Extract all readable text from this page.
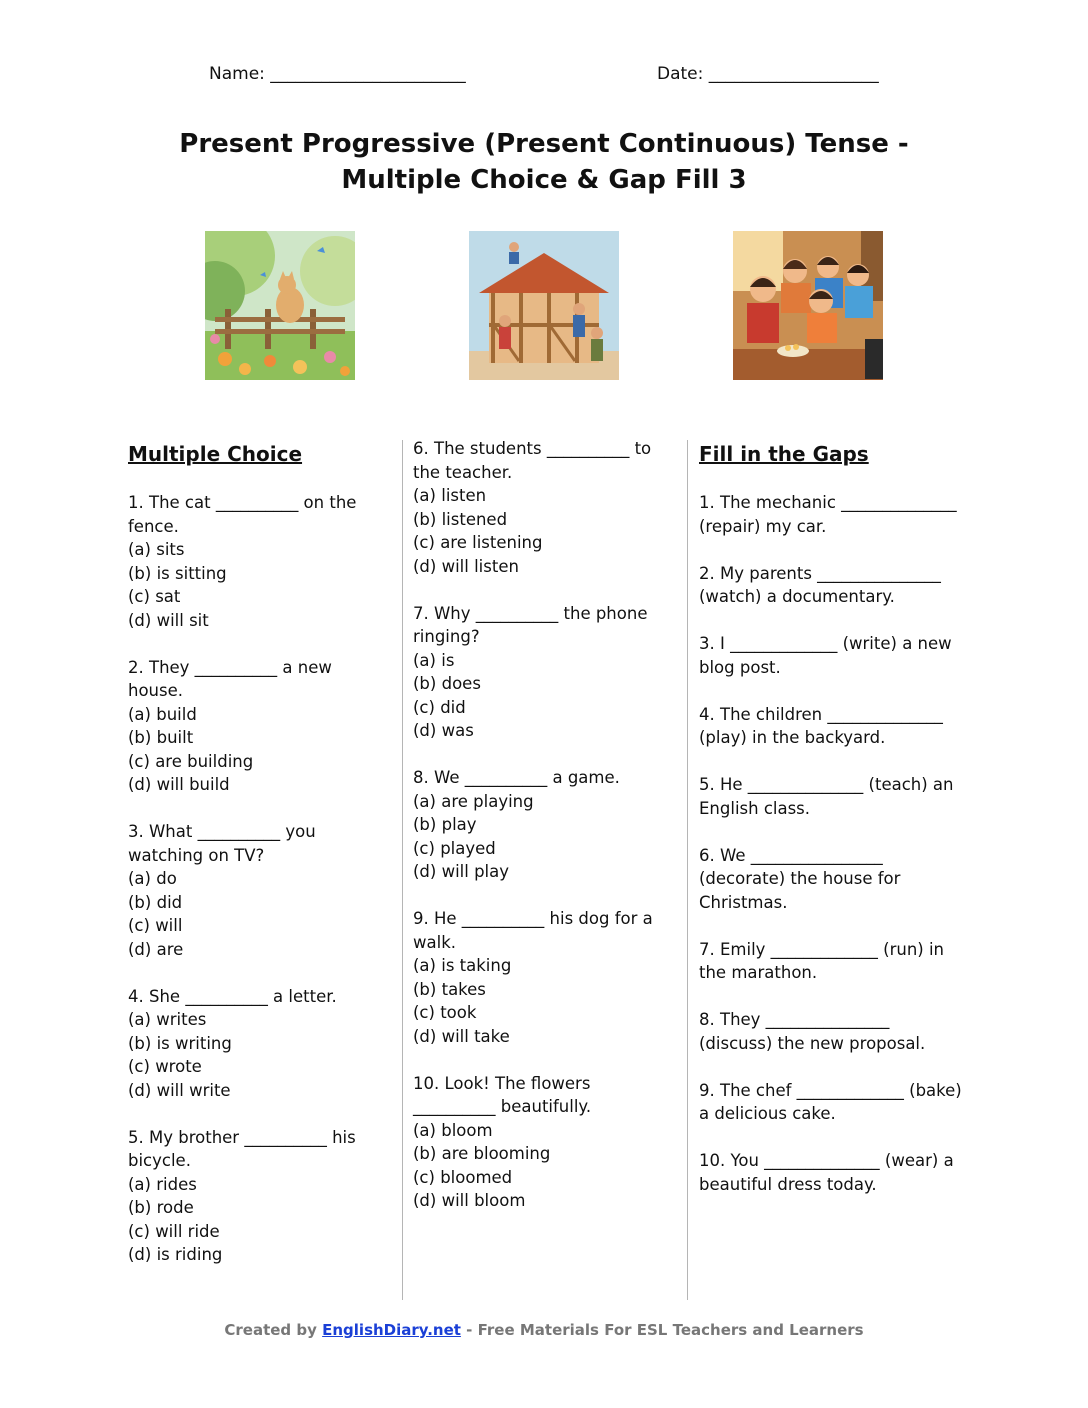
Name: _______________________	Date: ____________________
Present Progressive (Present Continuous) Tense - Multiple Choice & Gap Fill 3
Multiple Choice
1. The cat __________ on the fence.
(a) sits
(b) is sitting
(c) sat
(d) will sit
2. They __________ a new house.
(a) build
(b) built
(c) are building
(d) will build
3. What __________ you watching on TV?
(a) do
(b) did
(c) will
(d) are
4. She __________ a letter.
(a) writes
(b) is writing
(c) wrote
(d) will write
5. My brother __________ his bicycle.
(a) rides
(b) rode
(c) will ride
(d) is riding
6. The students __________ to the teacher.
(a) listen
(b) listened
(c) are listening
(d) will listen
7. Why __________ the phone ringing?
(a) is
(b) does
(c) did
(d) was
8. We __________ a game.
(a) are playing
(b) play
(c) played
(d) will play
9. He __________ his dog for a walk.
(a) is taking
(b) takes
(c) took
(d) will take
10. Look! The flowers __________ beautifully.
(a) bloom
(b) are blooming
(c) bloomed
(d) will bloom
Fill in the Gaps
1. The mechanic ______________ (repair) my car.
2. My parents _______________ (watch) a documentary.
3. I _____________ (write) a new blog post.
4. The children ______________ (play) in the backyard.
5. He ______________ (teach) an English class.
6. We ________________ (decorate) the house for Christmas.
7. Emily _____________ (run) in the marathon.
8. They _______________ (discuss) the new proposal.
9. The chef _____________ (bake) a delicious cake.
10. You ______________ (wear) a beautiful dress today.
Created by EnglishDiary.net - Free Materials For ESL Teachers and Learners
